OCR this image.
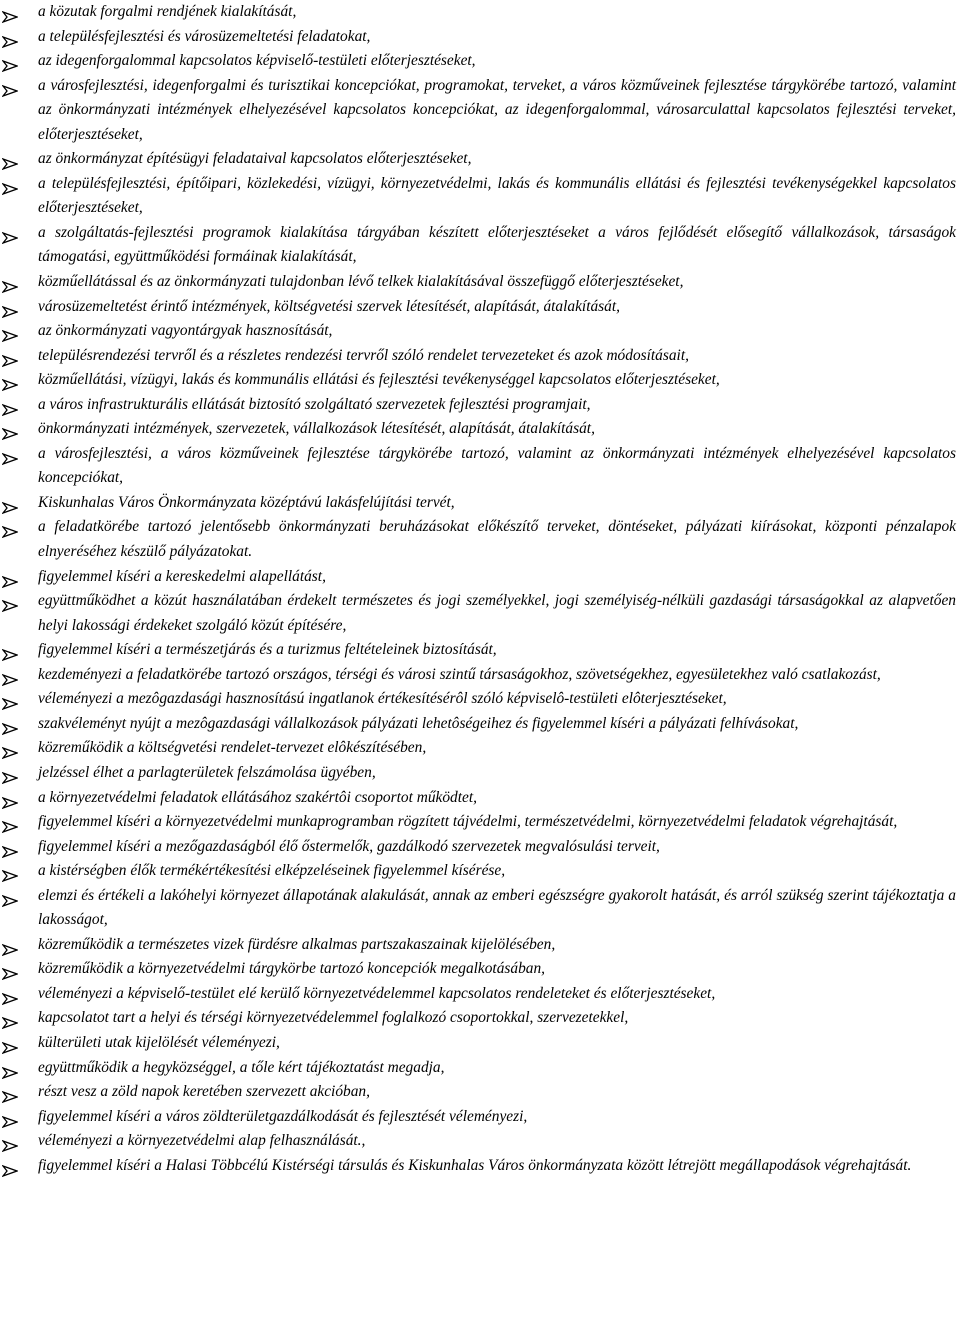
a közutak forgalmi rendjének kialakítását,
a településfejlesztési és városüzemeltetési feladatokat,
az idegenforgalommal kapcsolatos képviselő-testületi előterjesztéseket,
a városfejlesztési, idegenforgalmi és turisztikai koncepciókat, programokat, terveket, a város közműveinek fejlesztése tárgykörébe tartozó, valamint az önkormányzati intézmények elhelyezésével kapcsolatos koncepciókat, az idegenforgalommal, városarculattal kapcsolatos fejlesztési terveket, előterjesztéseket,
az önkormányzat építésügyi feladataival kapcsolatos előterjesztéseket,
a településfejlesztési, építőipari, közlekedési, vízügyi, környezetvédelmi, lakás és kommunális ellátási és fejlesztési tevékenységekkel kapcsolatos előterjesztéseket,
a szolgáltatás-fejlesztési programok kialakítása tárgyában készített előterjesztéseket a város fejlődését elősegítő vállalkozások, társaságok támogatási, együttműködési formáinak kialakítását,
közműellátással és az önkormányzati tulajdonban lévő telkek kialakításával összefüggő előterjesztéseket,
városüzemeltetést érintő intézmények, költségvetési szervek létesítését, alapítását, átalakítását,
az önkormányzati vagyontárgyak hasznosítását,
településrendezési tervről és a részletes rendezési tervről szóló rendelet tervezeteket és azok módosításait,
közműellátási, vízügyi, lakás és kommunális ellátási és fejlesztési tevékenységgel kapcsolatos előterjesztéseket,
a város infrastrukturális ellátását biztosító szolgáltató szervezetek fejlesztési programjait,
önkormányzati intézmények, szervezetek, vállalkozások létesítését, alapítását, átalakítását,
a városfejlesztési, a város közműveinek fejlesztése tárgykörébe tartozó, valamint az önkormányzati intézmények elhelyezésével kapcsolatos koncepciókat,
Kiskunhalas Város Önkormányzata középtávú lakásfelújítási tervét,
a feladatkörébe tartozó jelentősebb önkormányzati beruházásokat előkészítő terveket, döntéseket, pályázati kiírásokat, központi pénzalapok elnyeréséhez készülő pályázatokat.
figyelemmel kíséri a kereskedelmi alapellátást,
együttműködhet a közút használatában érdekelt természetes és jogi személyekkel, jogi személyiség-nélküli gazdasági társaságokkal az alapvetően helyi lakossági érdekeket szolgáló közút építésére,
figyelemmel kíséri a természetjárás és a turizmus feltételeinek biztosítását,
kezdeményezi a feladatkörébe tartozó országos, térségi és városi szintű társaságokhoz, szövetségekhez, egyesületekhez való csatlakozást,
véleményezi a mezôgazdasági hasznosítású ingatlanok értékesítésérôl szóló képviselô-testületi elôterjesztéseket,
szakvéleményt nyújt a mezôgazdasági vállalkozások pályázati lehetôségeihez és figyelemmel kíséri a pályázati felhívásokat,
közreműködik a költségvetési rendelet-tervezet elôkészítésében,
jelzéssel élhet a parlagterületek felszámolása ügyében,
a környezetvédelmi feladatok ellátásához szakértôi csoportot működtet,
figyelemmel kíséri a környezetvédelmi munkaprogramban rögzített tájvédelmi, természetvédelmi, környezetvédelmi feladatok végrehajtását,
figyelemmel kíséri a mezőgazdaságból élő őstermelők, gazdálkodó szervezetek megvalósulási terveit,
a kistérségben élők termékértékesítési elképzeléseinek figyelemmel kísérése,
elemzi és értékeli a lakóhelyi környezet állapotának alakulását, annak az emberi egészségre gyakorolt hatását, és arról szükség szerint tájékoztatja a lakosságot,
közreműködik a természetes vizek fürdésre alkalmas partszakaszainak kijelölésében,
közreműködik a környezetvédelmi tárgykörbe tartozó koncepciók megalkotásában,
véleményezi a képviselő-testület elé kerülő környezetvédelemmel kapcsolatos rendeleteket és előterjesztéseket,
kapcsolatot tart a helyi és térségi környezetvédelemmel foglalkozó csoportokkal, szervezetekkel,
külterületi utak kijelölését véleményezi,
együttműködik a hegyközséggel, a tőle kért tájékoztatást megadja,
részt vesz a zöld napok keretében szervezett akcióban,
figyelemmel kíséri a város zöldterületgazdálkodását és fejlesztését véleményezi,
véleményezi a környezetvédelmi alap felhasználását.,
figyelemmel kíséri a Halasi Többcélú Kistérségi társulás és Kiskunhalas Város önkormányzata között létrejött megállapodások végrehajtását.
